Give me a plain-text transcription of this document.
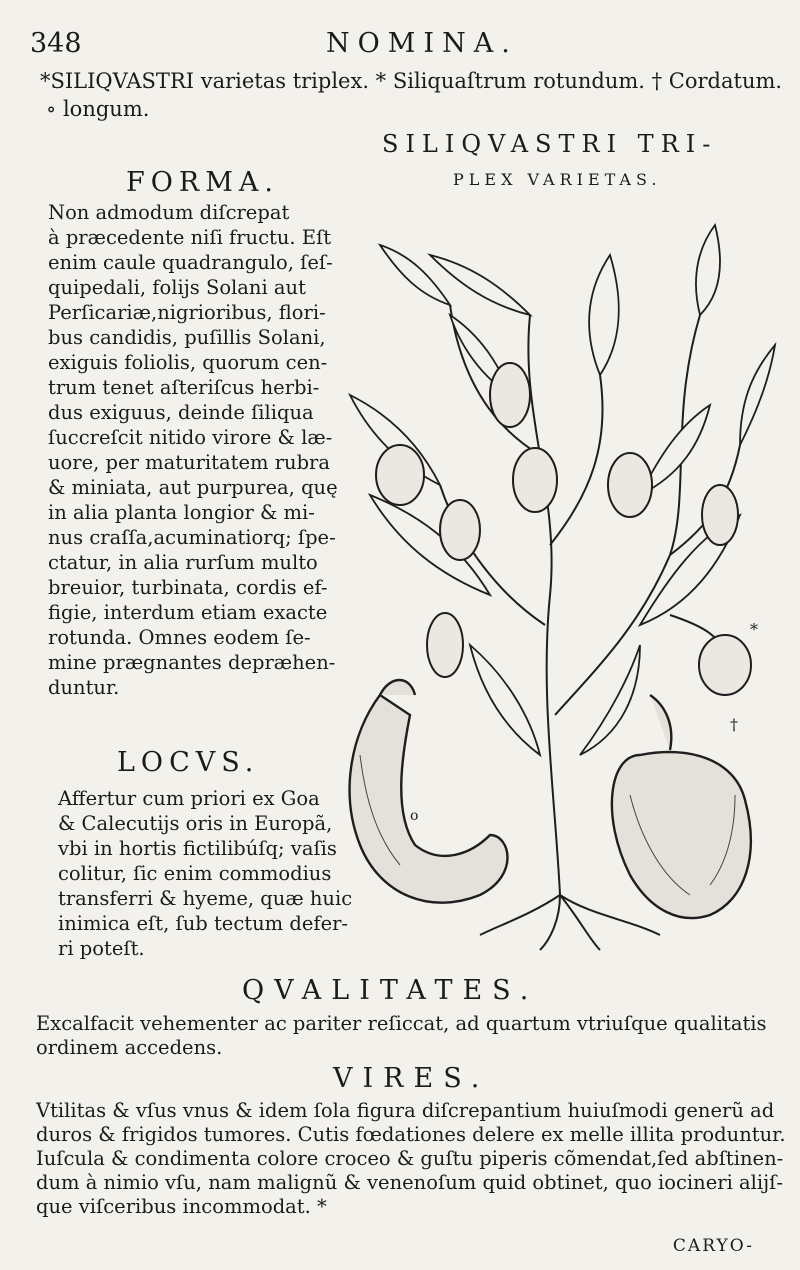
348	NOMINA.
*SILIQVASTRI varietas triplex. * Siliquaſtrum rotundum. † Cordatum.
∘ longum.
SILIQVASTRI TRI-
PLEX VARIETAS.
FORMA.
Non admodum diſcrepat
à præcedente niſi fructu. Eſt
enim caule quadrangulo, ſeſ-
quipedali, folijs Solani aut
Perſicariæ,nigrioribus, flori-
bus candidis, puſillis Solani,
exiguis foliolis, quorum cen-
trum tenet aſteriſcus herbi-
dus exiguus, deinde ſiliqua
ſuccreſcit nitido virore & læ-
uore, per maturitatem rubra
& miniata, aut purpurea, quę
in alia planta longior & mi-
nus craſſa,acuminatiorq; ſpe-
ctatur, in alia rurſum multo
breuior, turbinata, cordis ef-
figie, interdum etiam exacte
rotunda. Omnes eodem ſe-
mine prægnantes depræhen-
duntur.
LOCVS.
Affertur cum priori ex Goa
& Calecutijs oris in Europã,
vbi in hortis fictilibúſq; vaſis
colitur, ſic enim commodius
transferri & hyeme, quæ huic
inimica eſt, ſub tectum defer-
ri poteſt.
*
†
o
QVALITATES.
Excalfacit vehementer ac pariter reſiccat, ad quartum vtriuſque qualitatis
ordinem accedens.
VIRES.
Vtilitas & vſus vnus & idem ſola figura diſcrepantium huiuſmodi generũ ad
duros & frigidos tumores. Cutis fœdationes delere ex melle illita produntur.
Iuſcula & condimenta colore croceo & guſtu piperis cõmendat,ſed abſtinen-
dum à nimio vſu, nam malignũ & venenoſum quid obtinet, quo iocineri alijſ-
que viſceribus incommodat. *
CARYO-
